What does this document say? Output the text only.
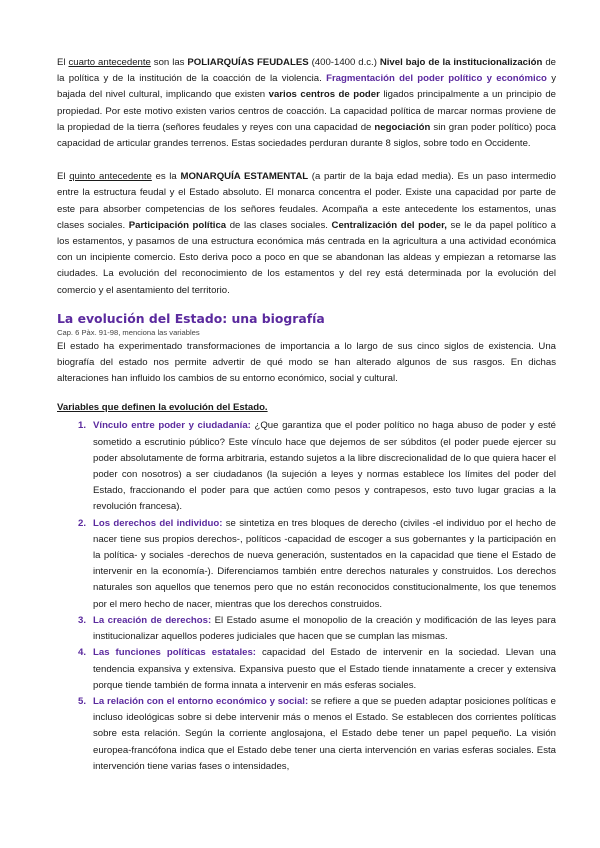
El cuarto antecedente son las POLIARQUÍAS FEUDALES (400-1400 d.c.) Nivel bajo de la institucionalización de la política y de la institución de la coacción de la violencia. Fragmentación del poder político y económico y bajada del nivel cultural, implicando que existen varios centros de poder ligados principalmente a un principio de propiedad. Por este motivo existen varios centros de coacción. La capacidad política de marcar normas proviene de la propiedad de la tierra (señores feudales y reyes con una capacidad de negociación sin gran poder político) poca capacidad de articular grandes terrenos. Estas sociedades perduran durante 8 siglos, sobre todo en Occidente.

El quinto antecedente es la MONARQUÍA ESTAMENTAL (a partir de la baja edad media). Es un paso intermedio entre la estructura feudal y el Estado absoluto. El monarca concentra el poder. Existe una capacidad por parte de este para absorber competencias de los señores feudales. Acompaña a este antecedente los estamentos, unas clases sociales. Participación política de las clases sociales. Centralización del poder, se le da papel político a los estamentos, y pasamos de una estructura económica más centrada en la agricultura a una actividad económica con un incipiente comercio. Esto deriva poco a poco en que se abandonan las aldeas y empiezan a retomarse las ciudades. La evolución del reconocimiento de los estamentos y del rey está determinada por la evolución del comercio y el asentamiento del territorio.

La evolución del Estado: una biografía
Cap. 6 Pàx. 91-98, menciona las variables

El estado ha experimentado transformaciones de importancia a lo largo de sus cinco siglos de existencia. Una biografía del estado nos permite advertir de qué modo se han alterado algunos de sus rasgos. En dichas alteraciones han influido los cambios de su entorno económico, social y cultural.

Variables que definen la evolución del Estado.
1. Vínculo entre poder y ciudadanía: ¿Que garantiza que el poder político no haga abuso de poder y esté sometido a escrutinio público? Este vínculo hace que dejemos de ser súbditos (el poder puede ejercer su poder absolutamente de forma arbitraria, estando sujetos a la libre discrecionalidad de lo que quiera hacer el poder con nosotros) a ser ciudadanos (la sujeción a leyes y normas establece los límites del poder del Estado, fraccionando el poder para que actúen como pesos y contrapesos, esto tuvo lugar gracias a la revolución francesa).
2. Los derechos del individuo: se sintetiza en tres bloques de derecho (civiles -el individuo por el hecho de nacer tiene sus propios derechos-, políticos -capacidad de escoger a sus gobernantes y la participación en la política- y sociales -derechos de nueva generación, sustentados en la capacidad que tiene el Estado de intervenir en la economía-). Diferenciamos también entre derechos naturales y construidos. Los derechos naturales son aquellos que tenemos pero que no están reconocidos constitucionalmente, los que tenemos por el mero hecho de nacer, mientras que los derechos construidos.
3. La creación de derechos: El Estado asume el monopolio de la creación y modificación de las leyes para institucionalizar aquellos poderes judiciales que hacen que se cumplan las mismas.
4. Las funciones políticas estatales: capacidad del Estado de intervenir en la sociedad. Llevan una tendencia expansiva y extensiva. Expansiva puesto que el Estado tiende innatamente a crecer y extensiva porque tiende también de forma innata a intervenir en más esferas sociales.
5. La relación con el entorno económico y social: se refiere a que se pueden adaptar posiciones políticas e incluso ideológicas sobre si debe intervenir más o menos el Estado. Se establecen dos corrientes políticas sobre esta relación. Según la corriente anglosajona, el Estado debe tener un papel pequeño. La visión europea-francófona indica que el Estado debe tener una cierta intervención en varias esferas sociales. Esta intervención tiene varias fases o intensidades,
